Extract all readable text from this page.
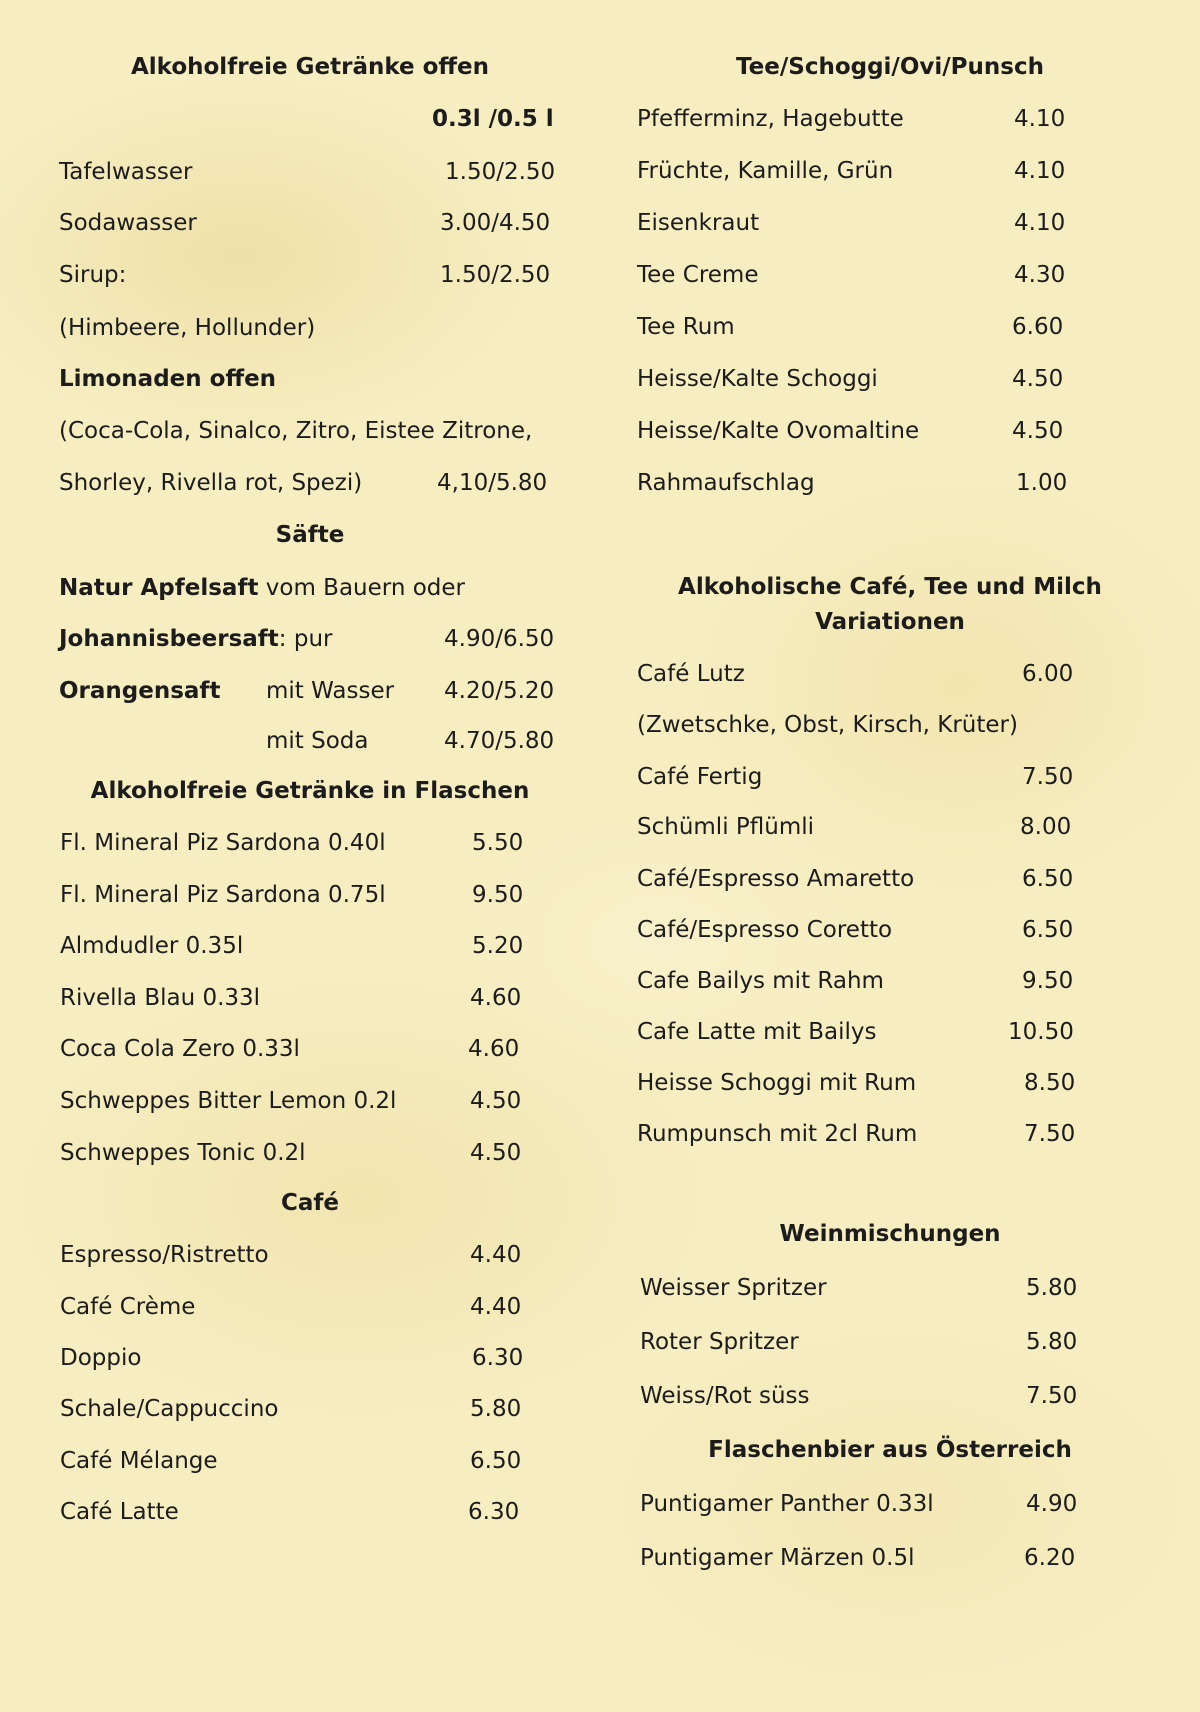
Alkoholfreie Getränke offen
0.3l /0.5 l
Tafelwasser	1.50/2.50
Sodawasser	3.00/4.50
Sirup:	1.50/2.50
(Himbeere, Hollunder)
Limonaden offen
(Coca-Cola, Sinalco, Zitro, Eistee Zitrone,
Shorley, Rivella rot, Spezi)	4,10/5.80
Säfte
Natur Apfelsaft vom Bauern oder
Johannisbeersaft: pur	4.90/6.50
Orangensaft mit Wasser 4.20/5.20
mit Soda	4.70/5.80
Alkoholfreie Getränke in Flaschen
Fl. Mineral Piz Sardona 0.40l	5.50
Fl. Mineral Piz Sardona 0.75l	9.50
Almdudler 0.35l	5.20
Rivella Blau 0.33l	4.60
Coca Cola Zero 0.33l	4.60
Schweppes Bitter Lemon 0.2l	4.50
Schweppes Tonic 0.2l	4.50
Café
Espresso/Ristretto	4.40
Café Crème	4.40
Doppio	6.30
Schale/Cappuccino	5.80
Café Mélange	6.50
Café Latte	6.30
Tee/Schoggi/Ovi/Punsch
Pfefferminz, Hagebutte	4.10
Früchte, Kamille, Grün	4.10
Eisenkraut	4.10
Tee Creme	4.30
Tee Rum	6.60
Heisse/Kalte Schoggi	4.50
Heisse/Kalte Ovomaltine	4.50
Rahmaufschlag	1.00
Alkoholische Café, Tee und Milch
Variationen
Café Lutz	6.00
(Zwetschke, Obst, Kirsch, Krüter)
Café Fertig	7.50
Schümli Pflümli	8.00
Café/Espresso Amaretto	6.50
Café/Espresso Coretto	6.50
Cafe Bailys mit Rahm	9.50
Cafe Latte mit Bailys	10.50
Heisse Schoggi mit Rum	8.50
Rumpunsch mit 2cl Rum	7.50
Weinmischungen
Weisser Spritzer	5.80
Roter Spritzer	5.80
Weiss/Rot süss	7.50
Flaschenbier aus Österreich
Puntigamer Panther 0.33l	4.90
Puntigamer Märzen 0.5l	6.20
